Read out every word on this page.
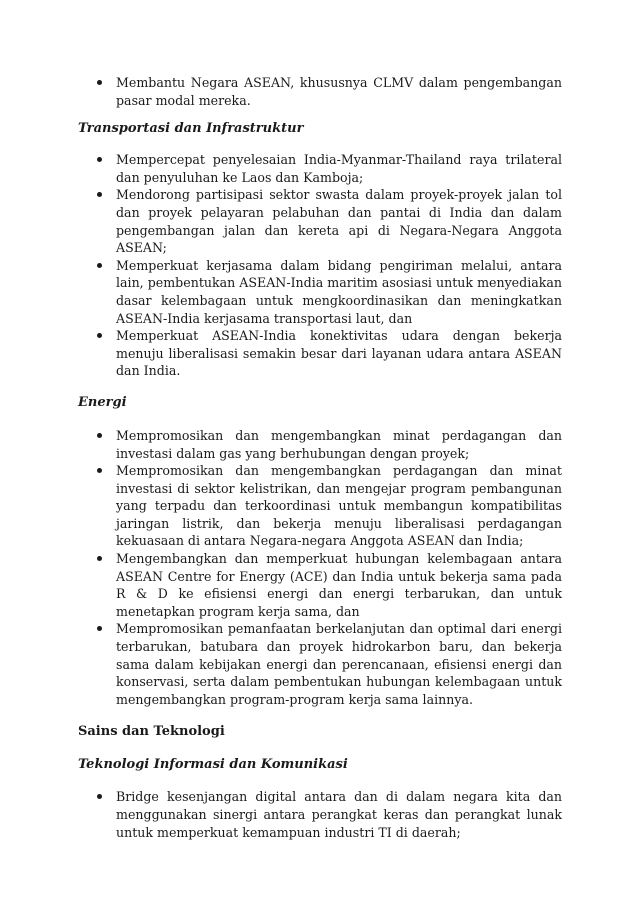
Membantu Negara ASEAN, khususnya CLMV dalam pengembangan pasar modal mereka.
Transportasi dan Infrastruktur
Mempercepat penyelesaian India-Myanmar-Thailand raya trilateral dan penyuluhan ke Laos dan Kamboja;
Mendorong partisipasi sektor swasta dalam proyek-proyek jalan tol dan proyek pelayaran pelabuhan dan pantai di India dan dalam pengembangan jalan dan kereta api di Negara-Negara Anggota ASEAN;
Memperkuat kerjasama dalam bidang pengiriman melalui, antara lain, pembentukan ASEAN-India maritim asosiasi untuk menyediakan dasar kelembagaan untuk mengkoordinasikan dan meningkatkan ASEAN-India kerjasama transportasi laut, dan
Memperkuat ASEAN-India konektivitas udara dengan bekerja menuju liberalisasi semakin besar dari layanan udara antara ASEAN dan India.
Energi
Mempromosikan dan mengembangkan minat perdagangan dan investasi dalam gas yang berhubungan dengan proyek;
Mempromosikan dan mengembangkan perdagangan dan minat investasi di sektor kelistrikan, dan mengejar program pembangunan yang terpadu dan terkoordinasi untuk membangun kompatibilitas jaringan listrik, dan bekerja menuju liberalisasi perdagangan kekuasaan di antara Negara-negara Anggota ASEAN dan India;
Mengembangkan dan memperkuat hubungan kelembagaan antara ASEAN Centre for Energy (ACE) dan India untuk bekerja sama pada R & D ke efisiensi energi dan energi terbarukan, dan untuk menetapkan program kerja sama, dan
Mempromosikan pemanfaatan berkelanjutan dan optimal dari energi terbarukan, batubara dan proyek hidrokarbon baru, dan bekerja sama dalam kebijakan energi dan perencanaan, efisiensi energi dan konservasi, serta dalam pembentukan hubungan kelembagaan untuk mengembangkan program-program kerja sama lainnya.
Sains dan Teknologi
Teknologi Informasi dan Komunikasi
Bridge kesenjangan digital antara dan di dalam negara kita dan menggunakan sinergi antara perangkat keras dan perangkat lunak untuk memperkuat kemampuan industri TI di daerah;
